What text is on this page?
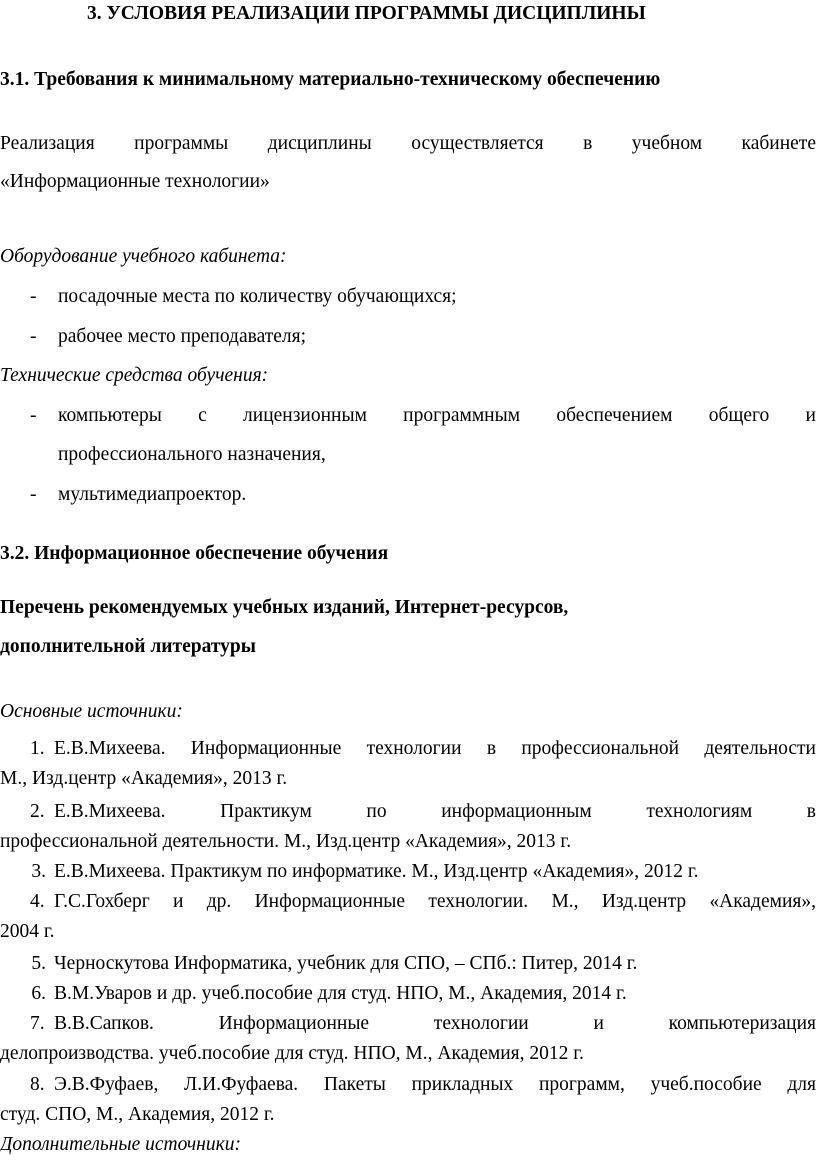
3. УСЛОВИЯ РЕАЛИЗАЦИИ ПРОГРАММЫ ДИСЦИПЛИНЫ
3.1. Требования к минимальному материально-техническому обеспечению
Реализация программы дисциплины осуществляется в учебном кабинете
«Информационные технологии»
Оборудование учебного кабинета:
- посадочные места по количеству обучающихся;
- рабочее место преподавателя;
Технические средства обучения:
- компьютеры с лицензионным программным обеспечением общего и
профессионального назначения,
- мультимедиапроектор.
3.2. Информационное обеспечение обучения
Перечень рекомендуемых учебных изданий, Интернет-ресурсов,
дополнительной литературы
Основные источники:
1. Е.В.Михеева. Информационные технологии в профессиональной деятельности
М., Изд.центр «Академия», 2013 г.
2. Е.В.Михеева. Практикум по информационным технологиям в
профессиональной деятельности. М., Изд.центр «Академия», 2013 г.
3. Е.В.Михеева. Практикум по информатике. М., Изд.центр «Академия», 2012 г.
4. Г.С.Гохберг и др. Информационные технологии. М., Изд.центр «Академия»,
2004 г.
5. Черноскутова Информатика, учебник для СПО, – СПб.: Питер, 2014 г.
6. В.М.Уваров и др. учеб.пособие для студ. НПО, М., Академия, 2014 г.
7. В.В.Сапков. Информационные технологии и компьютеризация
делопроизводства. учеб.пособие для студ. НПО, М., Академия, 2012 г.
8. Э.В.Фуфаев, Л.И.Фуфаева. Пакеты прикладных программ, учеб.пособие для
студ. СПО, М., Академия, 2012 г.
Дополнительные источники:
